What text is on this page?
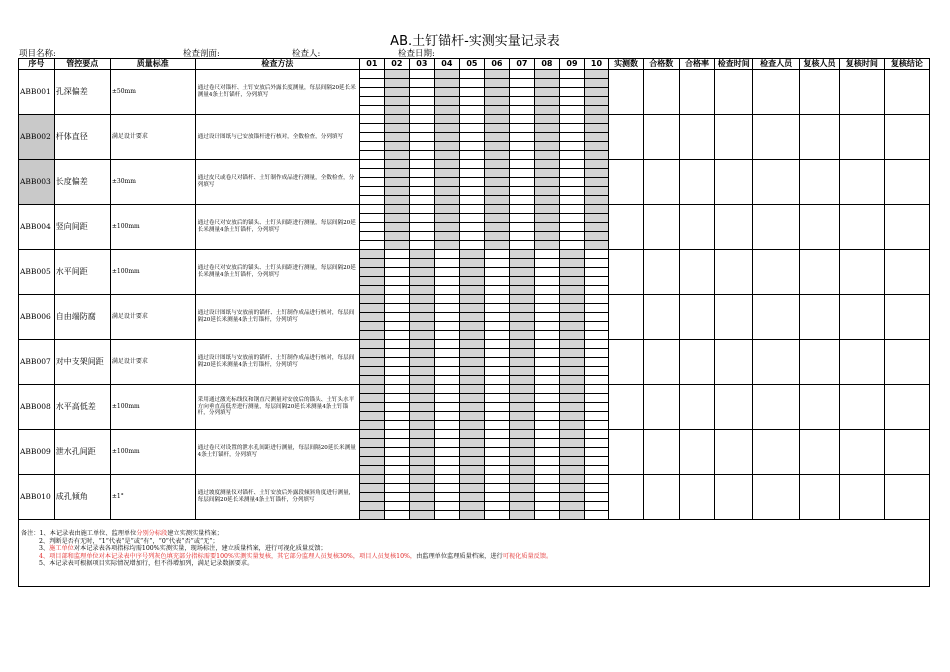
AB.土钉锚杆-实测实量记录表
项目名称:	检查剖面:	检查人:	检查日期:
序号	管控要点	质量标准	检查方法	01	02	03	04	05	06	07	08	09	10	实测数	合格数	合格率	检查时间	检查人员	复核人员	复核时间	复核结论
ABB001	孔深偏差	±50mm	通过卷尺对锚杆、土钉安放后外露长度测量，每层间隔20延长米测量4条土钉锚杆，分列填写																		

ABB002	杆体直径	满足设计要求	通过设计图纸与已安放锚杆进行核对，全数检查，分列填写																		

ABB003	长度偏差	±30mm	通过皮尺或卷尺对锚杆、土钉制作成品进行测量，全数检查，分列填写																		

ABB004	竖向间距	±100mm	通过卷尺对安放后的锚头、土钉头间距进行测量，每层间隔20延长米测量4条土钉锚杆，分列填写																		

ABB005	水平间距	±100mm	通过卷尺对安放后的锚头、土钉头间距进行测量，每层间隔20延长米测量4条土钉锚杆，分列填写																		

ABB006	自由端防腐	满足设计要求	通过设计图纸与安放前的锚杆、土钉制作成品进行核对，每层间隔20延长米测量4条土钉锚杆，分列填写																		

ABB007	对中支架间距	满足设计要求	通过设计图纸与安放前的锚杆、土钉制作成品进行核对，每层间隔20延长米测量4条土钉锚杆，分列填写																		

ABB008	水平高低差	±100mm	采用通过激光标线仪和钢直尺测量对安放后的锚头、土钉头水平方向垂直高低差进行测量，每层间隔20延长米测量4条土钉锚杆，分列填写																		

ABB009	泄水孔间距	±100mm	通过卷尺对设置的泄水孔间距进行测量，每层间隔20延长米测量4条土钉锚杆，分列填写																		

ABB010	成孔倾角	±1°	通过坡度测量仪对锚杆、土钉安放后外露段倾斜角度进行测量，每层间隔20延长米测量4条土钉锚杆，分列填写																		

备注：1、本记录表由施工单位、监理单位分别分标段建立实测实量档案；
2、判断是否有无时，“1”代表“是”或“有”，“0”代表“否”或“无”；
3、施工单位对本记录表各项指标均需100%实测实量，现场标注，建立质量档案，进行可视化质量反馈；
4、项目部和监理单位对本记录表中序号列灰色填充部分指标需要100%实测实量复核，其它部分监理人员复核30%，项目人员复核10%，由监理单位监理质量档案，进行可视化质量反馈。
5、本记录表可根据项目实际情况增加行，但不得增加列，满足记录数据要求。																					
